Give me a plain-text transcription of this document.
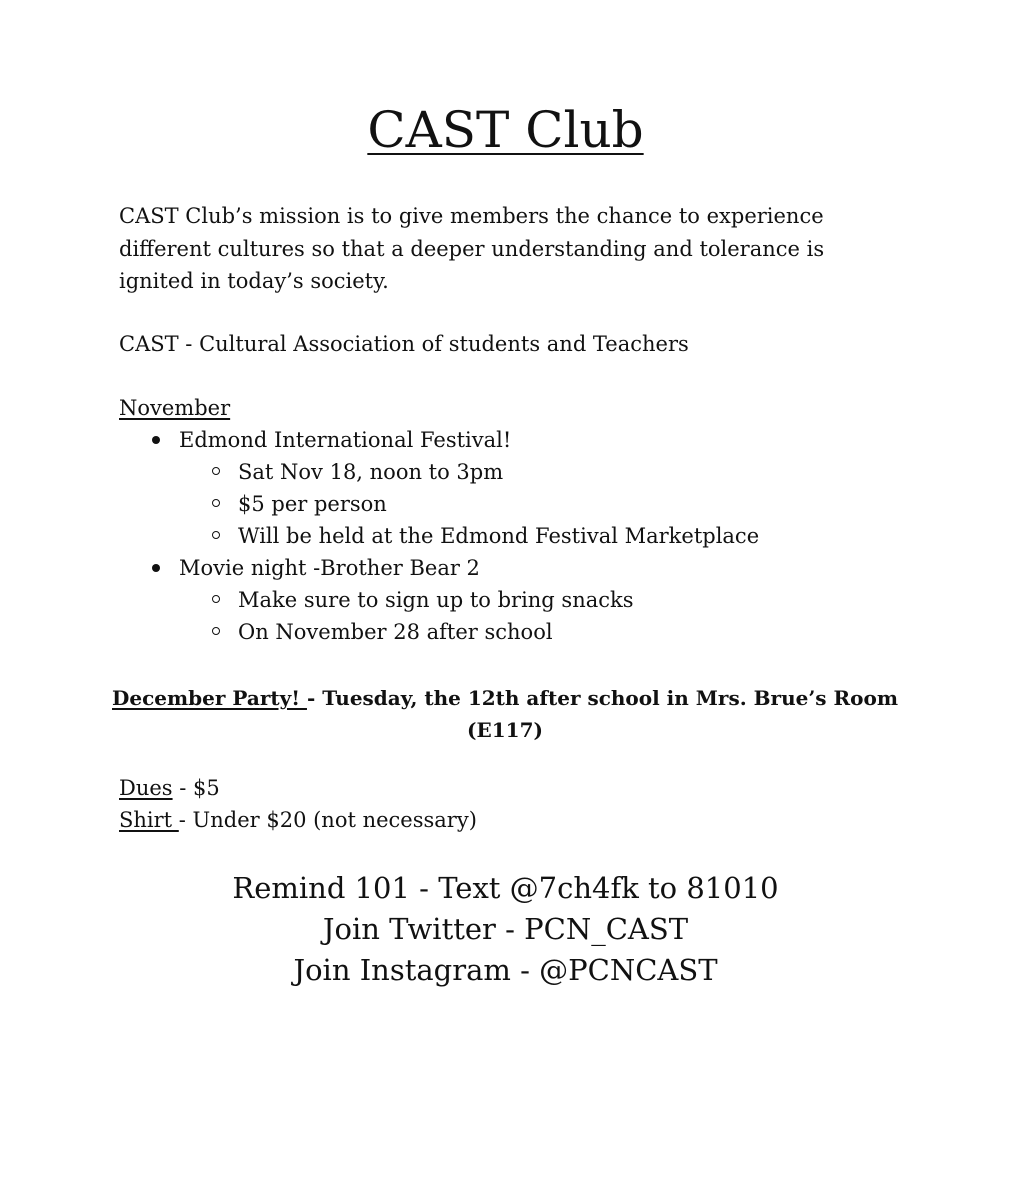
CAST Club
CAST Club’s mission is to give members the chance to experience different cultures so that a deeper understanding and tolerance is ignited in today’s society.
CAST - Cultural Association of students and Teachers
November
Edmond International Festival!
Sat Nov 18, noon to 3pm
$5 per person
Will be held at the Edmond Festival Marketplace
Movie night -Brother Bear 2
Make sure to sign up to bring snacks
On November 28 after school
December Party! - Tuesday, the 12th after school in Mrs. Brue’s Room (E117)
Dues - $5
Shirt - Under $20 (not necessary)
Remind 101 - Text @7ch4fk to 81010
Join Twitter - PCN_CAST
Join Instagram - @PCNCAST
